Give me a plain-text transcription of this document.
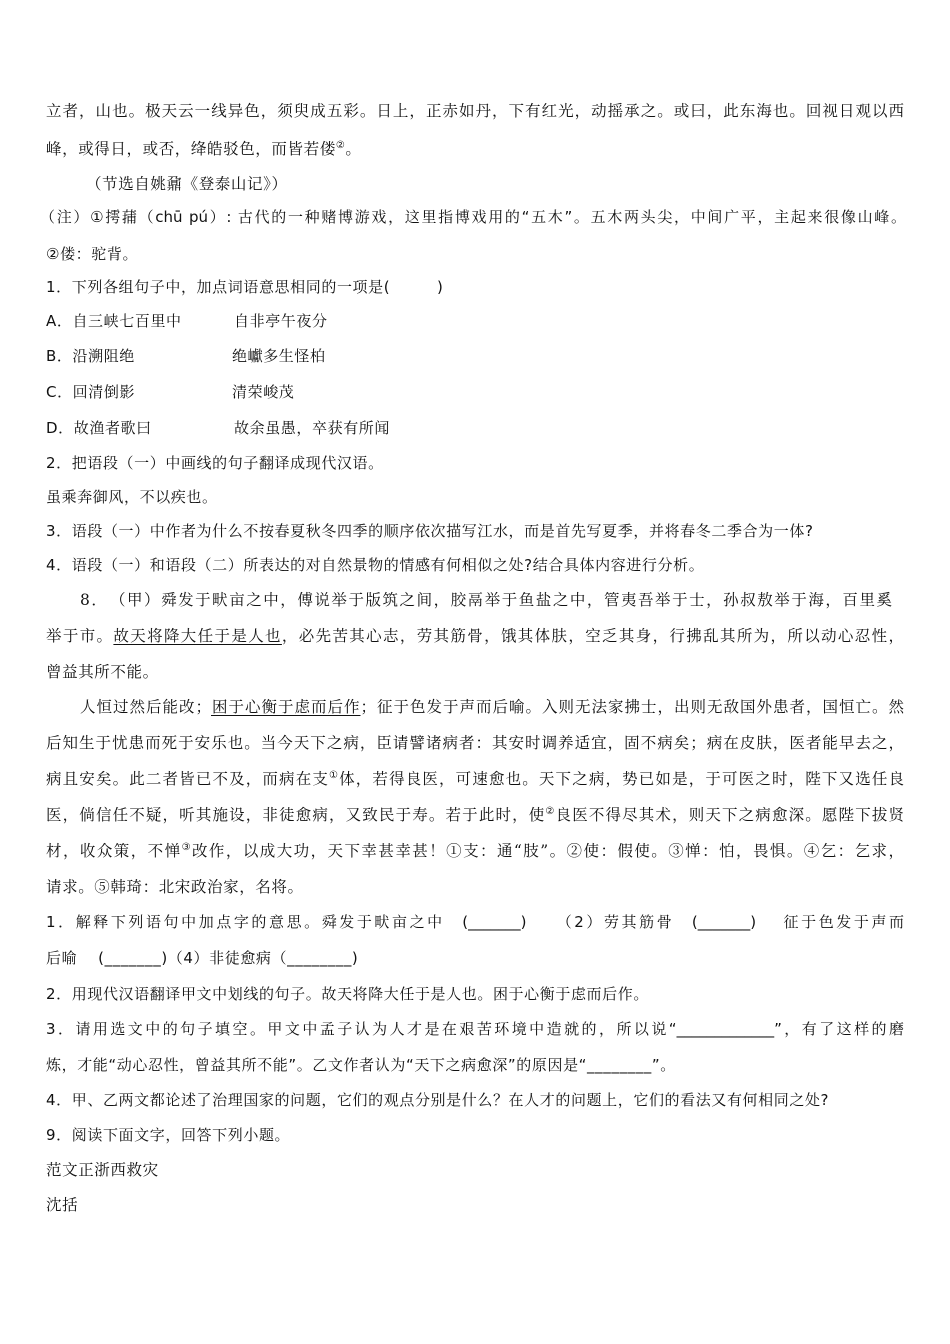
立者，山也。极天云一线异色，须臾成五彩。日上，正赤如丹，下有红光，动摇承之。或曰，此东海也。回视日观以西
峰，或得日，或否，绛皓驳色，而皆若偻②。
（节选自姚鼐《登泰山记》）
（注）①摴蒱（chū pú）: 古代的一种赌博游戏，这里指博戏用的“五木”。五木两头尖，中间广平，主起来很像山峰。
②偻：驼背。
1．下列各组句子中，加点词语意思相同的一项是(　　　)
A．自三峡七百里中	自非亭午夜分
B．沿溯阻绝	绝巘多生怪柏
C．回清倒影	清荣峻茂
D．故渔者歌曰	故余虽愚，卒获有所闻
2．把语段（一）中画线的句子翻译成现代汉语。
虽乘奔御风，不以疾也。
3．语段（一）中作者为什么不按春夏秋冬四季的顺序依次描写江水，而是首先写夏季，并将春冬二季合为一体?
4．语段（一）和语段（二）所表达的对自然景物的情感有何相似之处?结合具体内容进行分析。
8．　（甲）舜发于畎亩之中，傅说举于版筑之间，胶鬲举于鱼盐之中，管夷吾举于士，孙叔敖举于海，百里奚
举于市。故天将降大任于是人也，必先苦其心志，劳其筋骨，饿其体肤，空乏其身，行拂乱其所为，所以动心忍性，
曾益其所不能。
人恒过然后能改；困于心衡于虑而后作；征于色发于声而后喻。入则无法家拂士，出则无敌国外患者，国恒亡。然
后知生于忧患而死于安乐也。当今天下之病，臣请譬诸病者：其安时调养适宜，固不病矣；病在皮肤，医者能早去之，
病且安矣。此二者皆已不及，而病在支①体，若得良医，可速愈也。天下之病，势已如是，于可医之时，陛下又选任良
医，倘信任不疑，听其施设，非徒愈病，又致民于寿。若于此时，使②良医不得尽其术，则天下之病愈深。愿陛下拔贤
材，收众策，不惮③改作，以成大功，天下幸甚幸甚！①支：通“肢”。②使：假使。③惮：怕，畏惧。④乞：乞求，
请求。⑤韩琦：北宋政治家，名将。
1．解释下列语句中加点字的意思。舜发于畎亩之中　(_______)　　（2）劳其筋骨　(_______)　 征于色发于声而
后喻　 (_______)（4）非徒愈病（________)
2．用现代汉语翻译甲文中划线的句子。故天将降大任于是人也。困于心衡于虑而后作。
3．请用选文中的句子填空。甲文中孟子认为人才是在艰苦环境中造就的，所以说“_____________”，有了这样的磨
炼，才能“动心忍性，曾益其所不能”。乙文作者认为“天下之病愈深”的原因是“________”。
4．甲、乙两文都论述了治理国家的问题，它们的观点分别是什么？在人才的问题上，它们的看法又有何相同之处?
9．阅读下面文字，回答下列小题。
范文正浙西救灾
沈括
